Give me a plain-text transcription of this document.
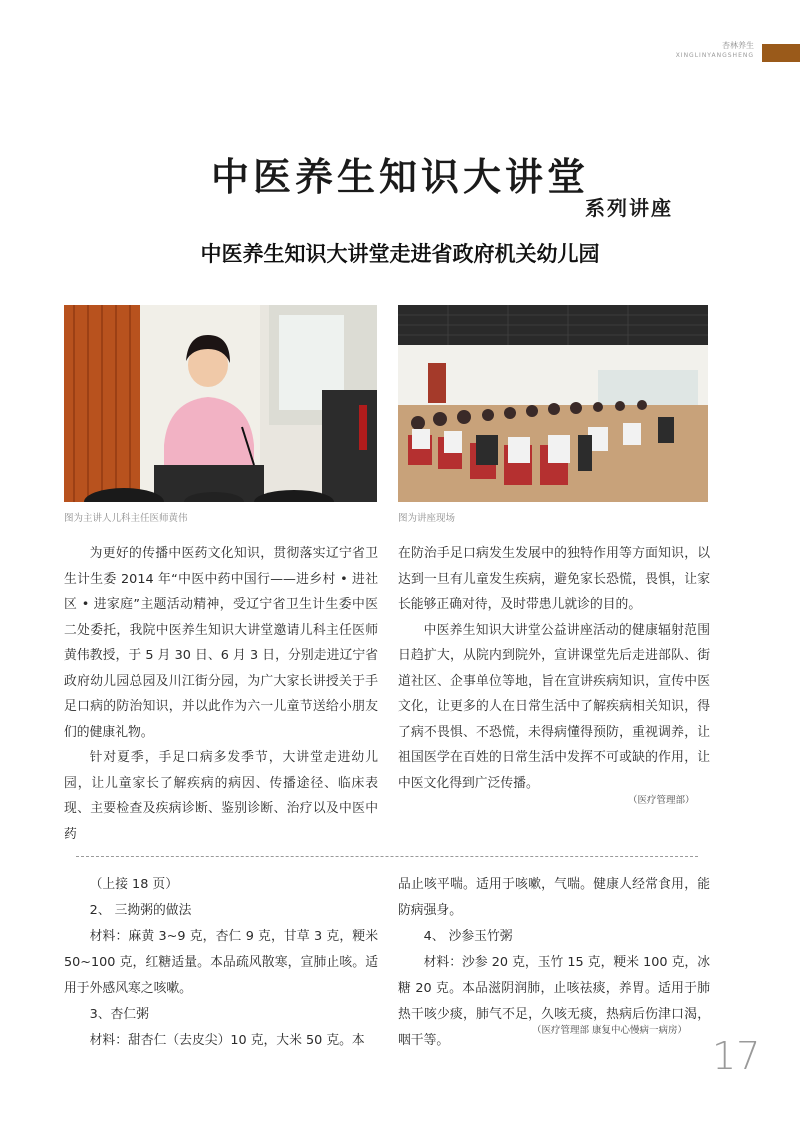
杏林养生
XINGLINYANGSHENG
中医养生知识大讲堂
系列讲座
中医养生知识大讲堂走进省政府机关幼儿园
图为主讲人儿科主任医师黄伟	图为讲座现场

为更好的传播中医药文化知识，贯彻落实辽宁省卫生计生委 2014 年“中医中药中国行——进乡村 • 进社区 • 进家庭”主题活动精神，受辽宁省卫生计生委中医二处委托，我院中医养生知识大讲堂邀请儿科主任医师黄伟教授，于 5 月 30 日、6 月 3 日，分别走进辽宁省政府幼儿园总园及川江街分园，为广大家长讲授关于手足口病的防治知识，并以此作为六一儿童节送给小朋友们的健康礼物。

针对夏季，手足口病多发季节，大讲堂走进幼儿园，让儿童家长了解疾病的病因、传播途径、临床表现、主要检查及疾病诊断、鉴别诊断、治疗以及中医中药

在防治手足口病发生发展中的独特作用等方面知识，以达到一旦有儿童发生疾病，避免家长恐慌，畏惧，让家长能够正确对待，及时带患儿就诊的目的。

中医养生知识大讲堂公益讲座活动的健康辐射范围日趋扩大，从院内到院外，宣讲课堂先后走进部队、街道社区、企事单位等地，旨在宣讲疾病知识，宣传中医文化，让更多的人在日常生活中了解疾病相关知识，得了病不畏惧、不恐慌，未得病懂得预防，重视调养，让祖国医学在百姓的日常生活中发挥不可或缺的作用，让中医文化得到广泛传播。

（医疗管理部）

（上接 18 页）

2、 三拗粥的做法

材料：麻黄 3~9 克，杏仁 9 克，甘草 3 克，粳米 50~100 克，红糖适量。本品疏风散寒，宣肺止咳。适用于外感风寒之咳嗽。

3、杏仁粥

材料：甜杏仁（去皮尖）10 克，大米 50 克。本

品止咳平喘。适用于咳嗽，气喘。健康人经常食用，能防病强身。

4、 沙参玉竹粥

材料：沙参 20 克，玉竹 15 克，粳米 100 克，冰糖 20 克。本品滋阴润肺，止咳祛痰，养胃。适用于肺热干咳少痰，肺气不足，久咳无痰，热病后伤津口渴，咽干等。

（医疗管理部 康复中心慢病一病房）
17
